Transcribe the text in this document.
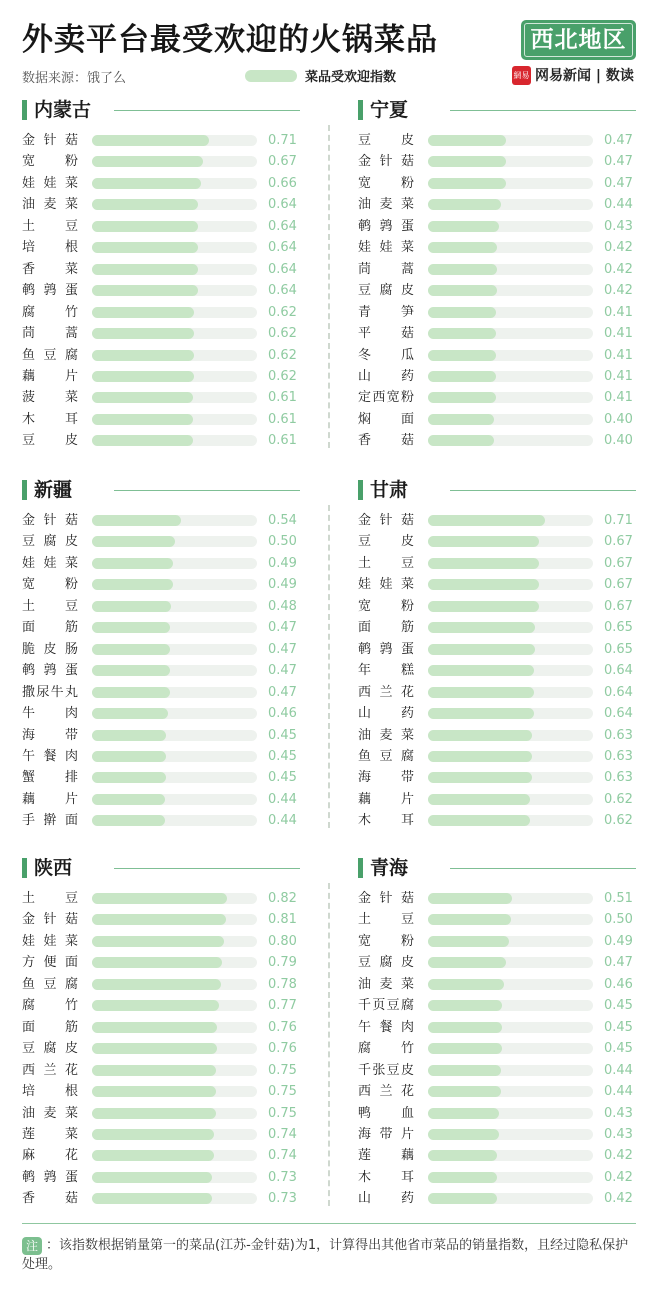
外卖平台最受欢迎的火锅菜品	西北地区
数据来源：饿了么	菜品受欢迎指数	網易 网易新闻 | 数读
内蒙古
金 针 菇	0.71
宽　　粉	0.67
娃 娃 菜	0.66
油 麦 菜	0.64
土　　豆	0.64
培　　根	0.64
香　　菜	0.64
鹌 鹑 蛋	0.64
腐　　竹	0.62
茼　　蒿	0.62
鱼 豆 腐	0.62
藕　　片	0.62
菠　　菜	0.61
木　　耳	0.61
豆　　皮	0.61
宁夏
豆　　皮	0.47
金 针 菇	0.47
宽　　粉	0.47
油 麦 菜	0.44
鹌 鹑 蛋	0.43
娃 娃 菜	0.42
茼　　蒿	0.42
豆 腐 皮	0.42
青　　笋	0.41
平　　菇	0.41
冬　　瓜	0.41
山　　药	0.41
定西宽粉	0.41
焖　　面	0.40
香　　菇	0.40
新疆
金 针 菇	0.54
豆 腐 皮	0.50
娃 娃 菜	0.49
宽　　粉	0.49
土　　豆	0.48
面　　筋	0.47
脆 皮 肠	0.47
鹌 鹑 蛋	0.47
撒尿牛丸	0.47
牛　　肉	0.46
海　　带	0.45
午 餐 肉	0.45
蟹　　排	0.45
藕　　片	0.44
手 擀 面	0.44
甘肃
金 针 菇	0.71
豆　　皮	0.67
土　　豆	0.67
娃 娃 菜	0.67
宽　　粉	0.67
面　　筋	0.65
鹌 鹑 蛋	0.65
年　　糕	0.64
西 兰 花	0.64
山　　药	0.64
油 麦 菜	0.63
鱼 豆 腐	0.63
海　　带	0.63
藕　　片	0.62
木　　耳	0.62
陕西
土　　豆	0.82
金 针 菇	0.81
娃 娃 菜	0.80
方 便 面	0.79
鱼 豆 腐	0.78
腐　　竹	0.77
面　　筋	0.76
豆 腐 皮	0.76
西 兰 花	0.75
培　　根	0.75
油 麦 菜	0.75
莲　　菜	0.74
麻　　花	0.74
鹌 鹑 蛋	0.73
香　　菇	0.73
青海
金 针 菇	0.51
土　　豆	0.50
宽　　粉	0.49
豆 腐 皮	0.47
油 麦 菜	0.46
千页豆腐	0.45
午 餐 肉	0.45
腐　　竹	0.45
千张豆皮	0.44
西 兰 花	0.44
鸭　　血	0.43
海 带 片	0.43
莲　　藕	0.42
木　　耳	0.42
山　　药	0.42
注 ：该指数根据销量第一的菜品(江苏-金针菇)为1，计算得出其他省市菜品的销量指数，且经过隐私保护处理。
